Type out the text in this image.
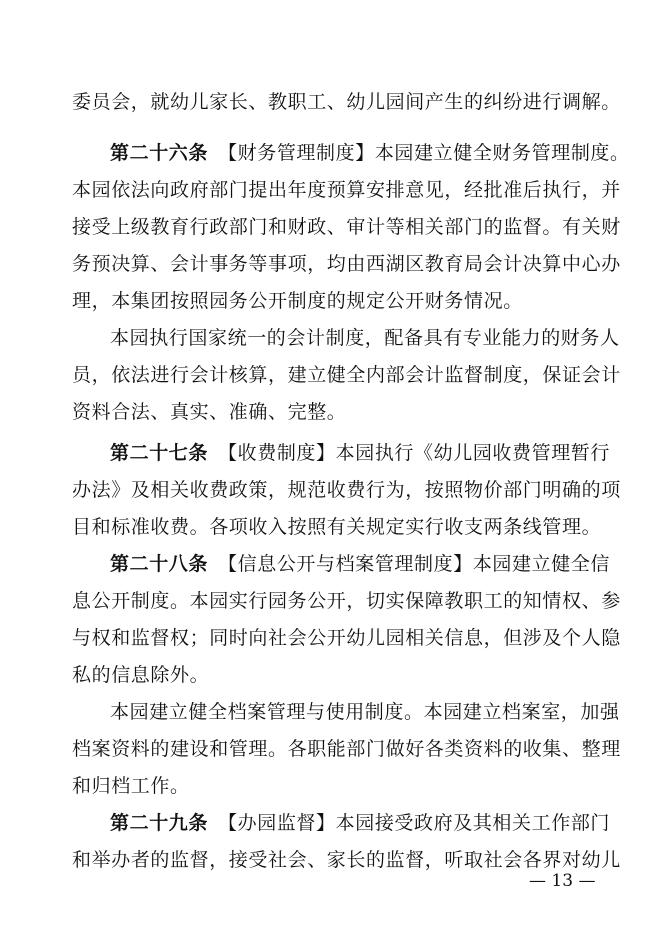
委员会，就幼儿家长、教职工、幼儿园间产生的纠纷进行调解。
第二十六条 【财务管理制度】本园建立健全财务管理制度。
本园依法向政府部门提出年度预算安排意见，经批准后执行，并
接受上级教育行政部门和财政、审计等相关部门的监督。有关财
务预决算、会计事务等事项，均由西湖区教育局会计决算中心办
理，本集团按照园务公开制度的规定公开财务情况。
本园执行国家统一的会计制度，配备具有专业能力的财务人
员，依法进行会计核算，建立健全内部会计监督制度，保证会计
资料合法、真实、准确、完整。
第二十七条 【收费制度】本园执行《幼儿园收费管理暂行
办法》及相关收费政策，规范收费行为，按照物价部门明确的项
目和标准收费。各项收入按照有关规定实行收支两条线管理。
第二十八条 【信息公开与档案管理制度】本园建立健全信
息公开制度。本园实行园务公开，切实保障教职工的知情权、参
与权和监督权；同时向社会公开幼儿园相关信息，但涉及个人隐
私的信息除外。
本园建立健全档案管理与使用制度。本园建立档案室，加强
档案资料的建设和管理。各职能部门做好各类资料的收集、整理
和归档工作。
第二十九条 【办园监督】本园接受政府及其相关工作部门
和举办者的监督，接受社会、家长的监督，听取社会各界对幼儿
— 13 —
